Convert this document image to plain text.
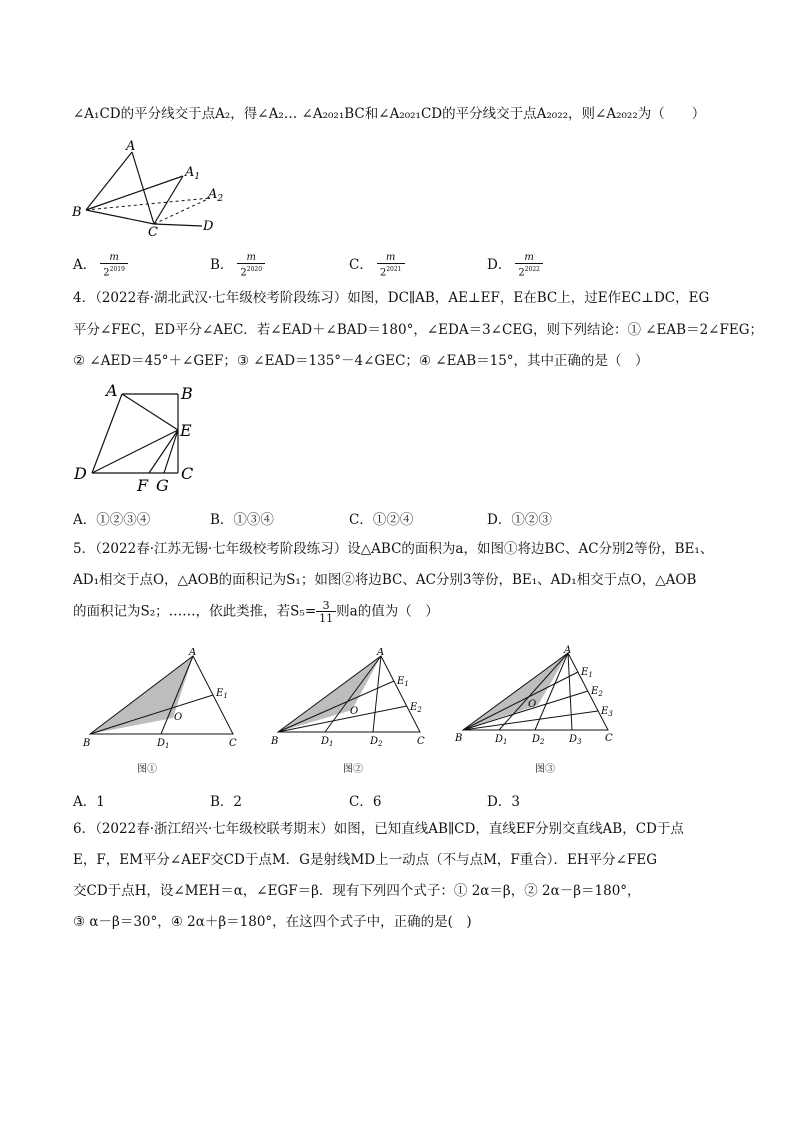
∠A₁CD的平分线交于点A₂，得∠A₂… ∠A₂₀₂₁BC和∠A₂₀₂₁CD的平分线交于点A₂₀₂₂，则∠A₂₀₂₂为（　　）
A
$A_1$
$A_2$
B
C	D
A． $\frac{m}{2^{2019}}$	B． $\frac{m}{2^{2020}}$	C． $\frac{m}{2^{2021}}$	D． $\frac{m}{2^{2022}}$
4．（2022春·湖北武汉·七年级校考阶段练习）如图，DC∥AB，AE⊥EF，E在BC上，过E作EC⊥DC，EG
平分∠FEC，ED平分∠AEC．若∠EAD＋∠BAD＝180°，∠EDA＝3∠CEG，则下列结论：① ∠EAB＝2∠FEG；
② ∠AED＝45°＋∠GEF；③ ∠EAD＝135°－4∠GEC；④ ∠EAB＝15°，其中正确的是（　）
A	B
E
D	C
F G
A．①②③④	B．①③④	C．①②④	D．①②③
5．（2022春·江苏无锡·七年级校考阶段练习）设△ABC的面积为a，如图①将边BC、AC分别2等份，BE₁、
AD₁相交于点O，△AOB的面积记为S₁；如图②将边BC、AC分别3等份，BE₁、AD₁相交于点O，△AOB
的面积记为S₂；……，依此类推，若$S_5= \frac{3}{11}$ 则a的值为（　）
A
B	C
O
$D_1$
$E_1$
图①
A
B	C
O
$D_1$	$D_2$
$E_1$
$E_2$
图②
A
B	C
O
$D_1$ $D_2$ $D_3$
$E_1$
$E_2$
$E_3$
图③
A．1	B．2	C．6	D．3
6．（2022春·浙江绍兴·七年级校联考期末）如图，已知直线AB∥CD，直线EF分别交直线AB，CD于点
E，F，EM平分∠AEF交CD于点M．G是射线MD上一动点（不与点M，F重合）．EH平分∠FEG
交CD于点H，设∠MEH＝α，∠EGF＝β．现有下列四个式子：① 2α＝β，② 2α－β＝180°，
③ α－β＝30°，④ 2α＋β＝180°，在这四个式子中，正确的是(　)
